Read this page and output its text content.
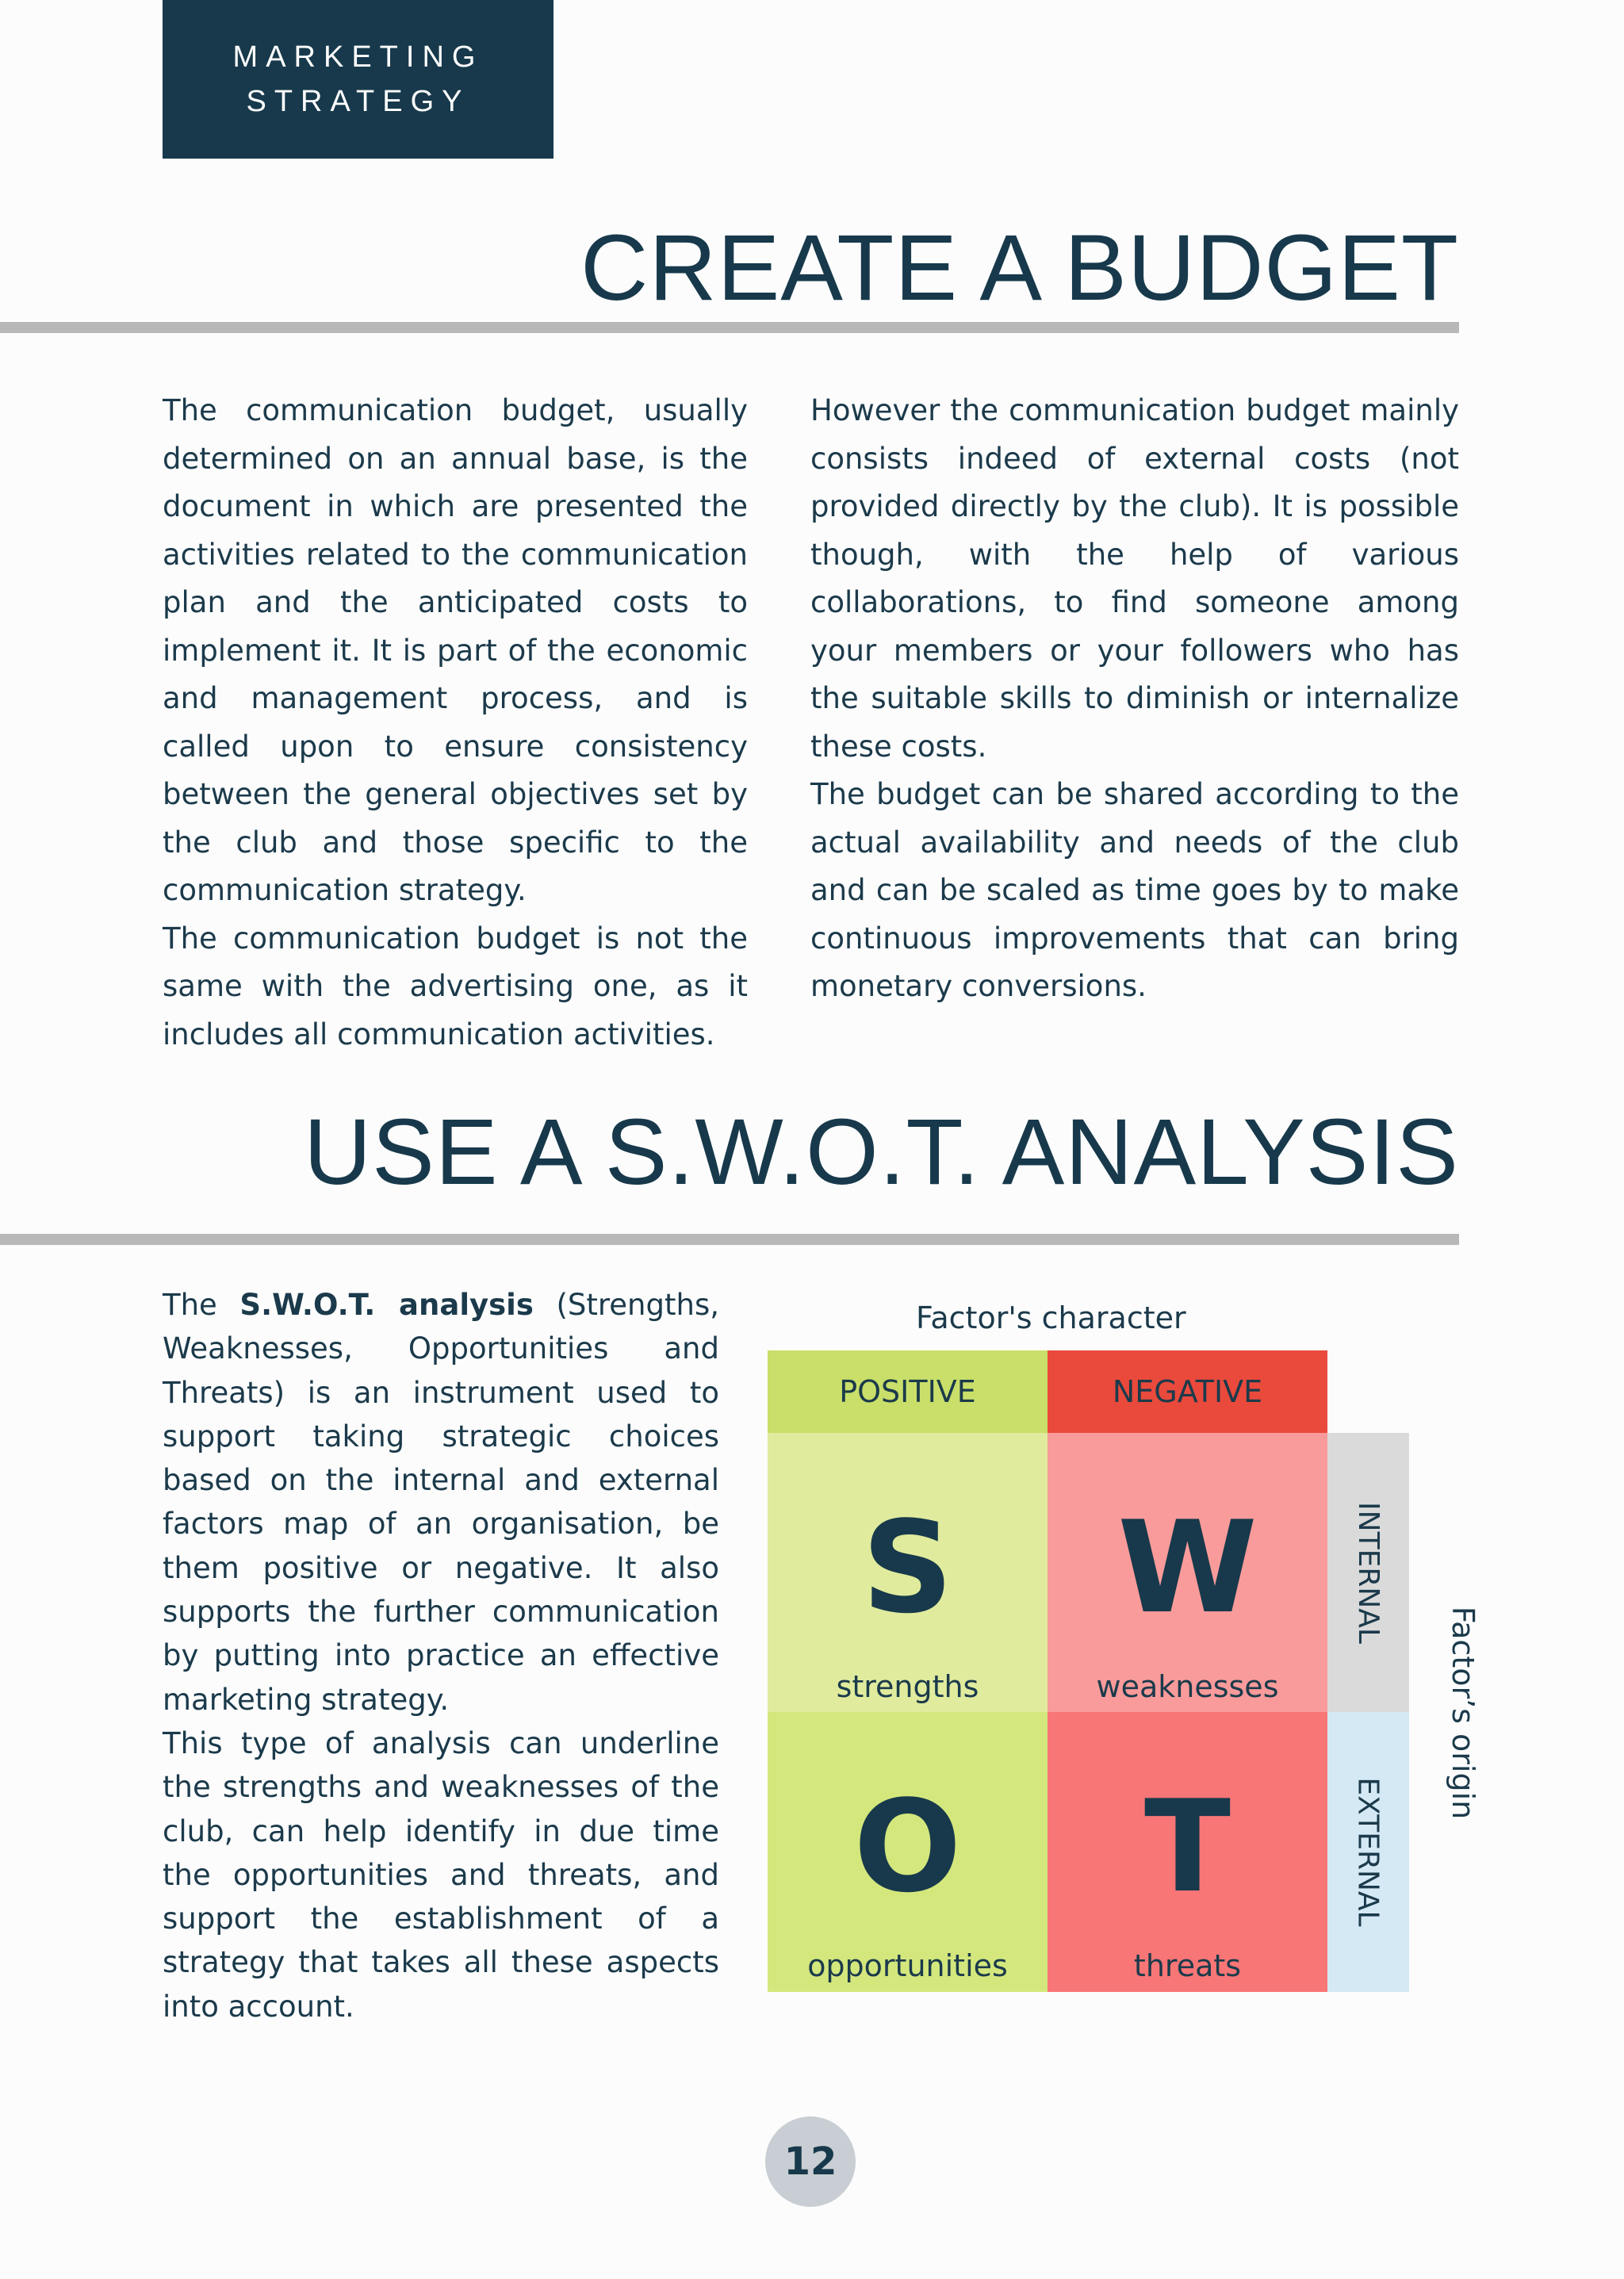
MARKETING
STRATEGY
CREATE A BUDGET

The communication budget, usually determined on an annual base, is the document in which are presented the activities related to the communication plan and the anticipated costs to implement it. It is part of the economic and management process, and is called upon to ensure consistency between the general objectives set by the club and those specific to the communication strategy.

The communication budget is not the same with the advertising one, as it includes all communication activities.

However the communication budget mainly consists indeed of external costs (not provided directly by the club). It is possible though, with the help of various collaborations, to find someone among your members or your followers who has the suitable skills to diminish or internalize these costs.

The budget can be shared according to the actual availability and needs of the club and can be scaled as time goes by to make continuous improvements that can bring monetary conversions.

USE A S.W.O.T. ANALYSIS

The S.W.O.T. analysis (Strengths, Weaknesses, Opportunities and Threats) is an instrument used to support taking strategic choices based on the internal and external factors map of an organisation, be them positive or negative. It also supports the further communication by putting into practice an effective marketing strategy.

This type of analysis can underline the strengths and weaknesses of the club, can help identify in due time the opportunities and threats, and support the establishment of a strategy that takes all these aspects into account.

Factor's character
POSITIVE	NEGATIVE
S
strengths
W
weaknesses
O
opportunities
T
threats
INTERNAL
EXTERNAL
Factor’s origin
12
